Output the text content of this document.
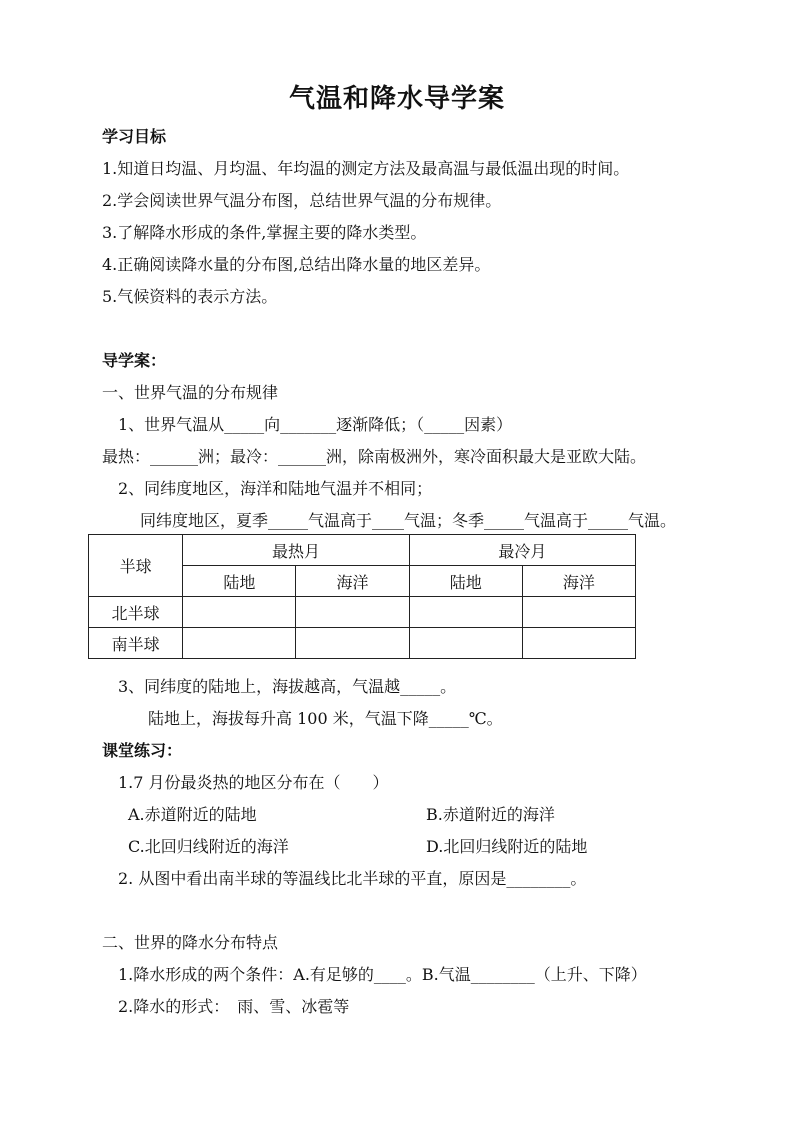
气温和降水导学案
学习目标
1.知道日均温、月均温、年均温的测定方法及最高温与最低温出现的时间。
2.学会阅读世界气温分布图，总结世界气温的分布规律。
3.了解降水形成的条件,掌握主要的降水类型。
4.正确阅读降水量的分布图,总结出降水量的地区差异。
5.气候资料的表示方法。
导学案：
一、世界气温的分布规律
1、世界气温从_____向_______逐渐降低；（_____因素）
最热：______洲；最冷：______洲，除南极洲外，寒冷面积最大是亚欧大陆。
2、同纬度地区，海洋和陆地气温并不相同；
同纬度地区，夏季_____气温高于____气温；冬季_____气温高于_____气温。
半球	最热月		最冷月	
	陆地	海洋	陆地	海洋
北半球				
南半球				
3、同纬度的陆地上，海拔越高，气温越_____。
陆地上，海拔每升高 100 米，气温下降_____℃。
课堂练习：
1.7 月份最炎热的地区分布在（　　）
A.赤道附近的陆地	B.赤道附近的海洋
C.北回归线附近的海洋	D.北回归线附近的陆地
2. 从图中看出南半球的等温线比北半球的平直，原因是________。
二、世界的降水分布特点
1.降水形成的两个条件：A.有足够的____。B.气温________（上升、下降）
2.降水的形式：　雨、雪、冰雹等
